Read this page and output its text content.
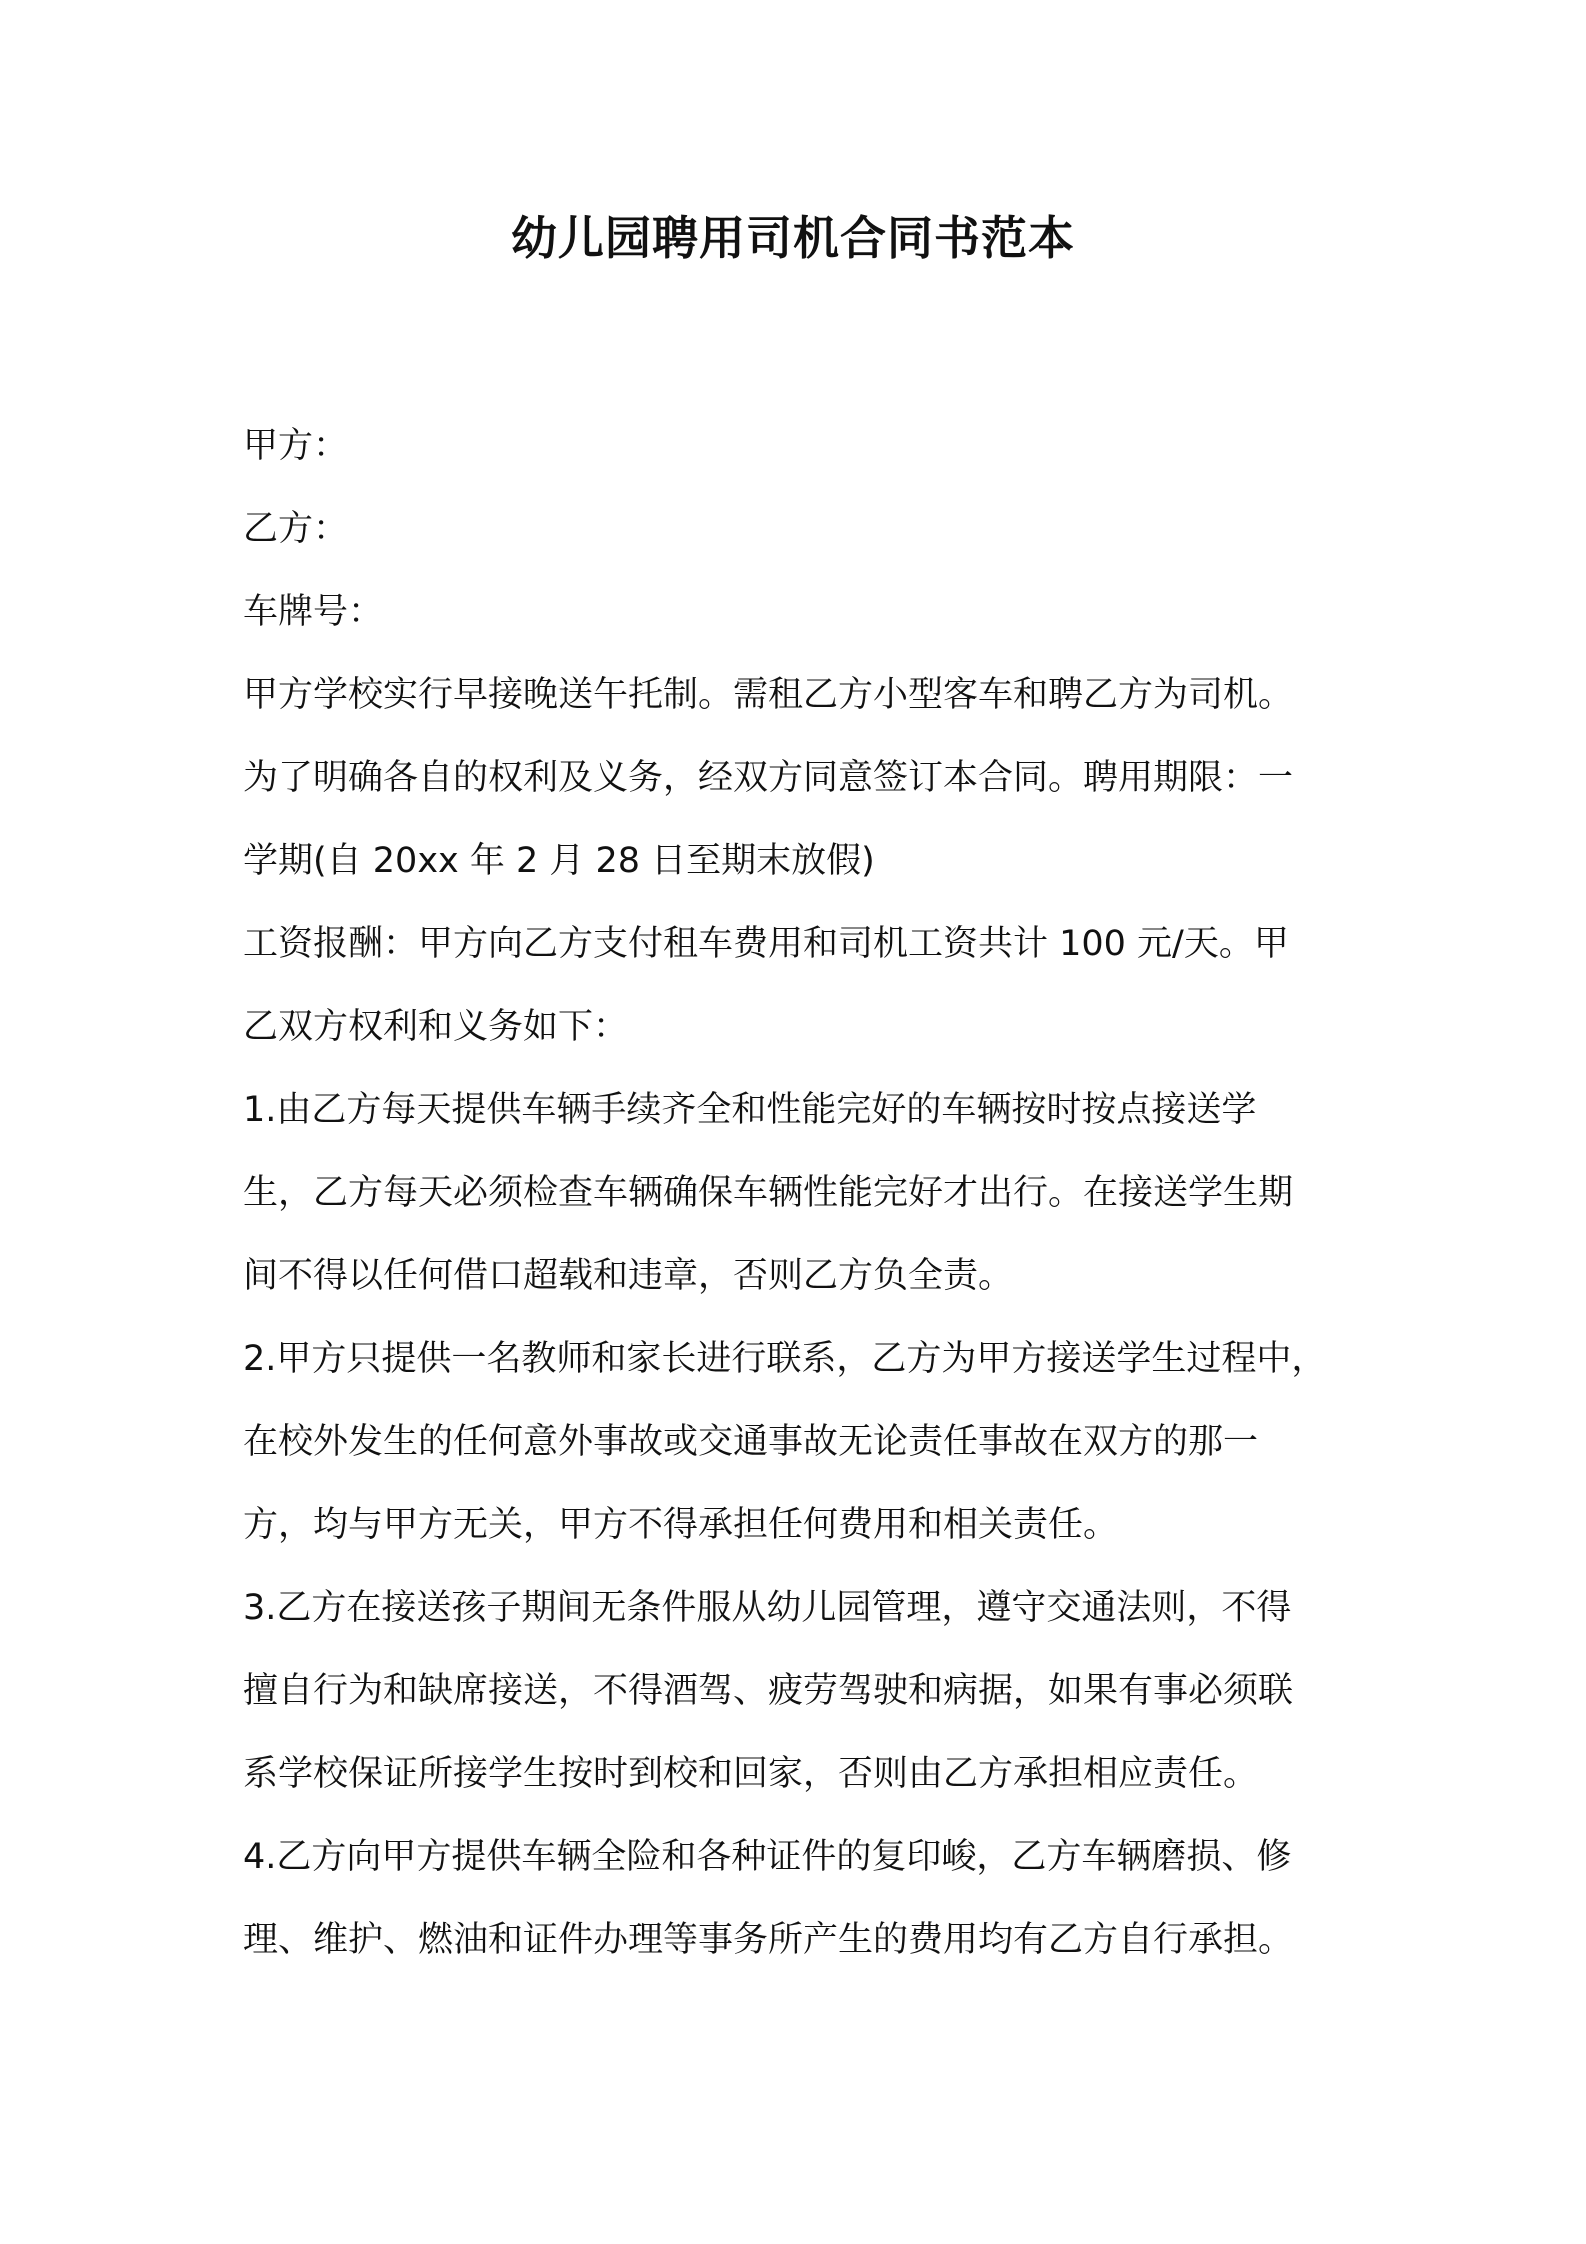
幼儿园聘用司机合同书范本
甲方：
乙方：
车牌号：
甲方学校实行早接晚送午托制。需租乙方小型客车和聘乙方为司机。
为了明确各自的权利及义务，经双方同意签订本合同。聘用期限：一
学期(自 20xx 年 2 月 28 日至期末放假)
工资报酬：甲方向乙方支付租车费用和司机工资共计 100 元/天。甲
乙双方权利和义务如下：
1.由乙方每天提供车辆手续齐全和性能完好的车辆按时按点接送学
生，乙方每天必须检查车辆确保车辆性能完好才出行。在接送学生期
间不得以任何借口超载和违章，否则乙方负全责。
2.甲方只提供一名教师和家长进行联系，乙方为甲方接送学生过程中，
在校外发生的任何意外事故或交通事故无论责任事故在双方的那一
方，均与甲方无关，甲方不得承担任何费用和相关责任。
3.乙方在接送孩子期间无条件服从幼儿园管理，遵守交通法则，不得
擅自行为和缺席接送，不得酒驾、疲劳驾驶和病据，如果有事必须联
系学校保证所接学生按时到校和回家，否则由乙方承担相应责任。
4.乙方向甲方提供车辆全险和各种证件的复印峻，乙方车辆磨损、修
理、维护、燃油和证件办理等事务所产生的费用均有乙方自行承担。
